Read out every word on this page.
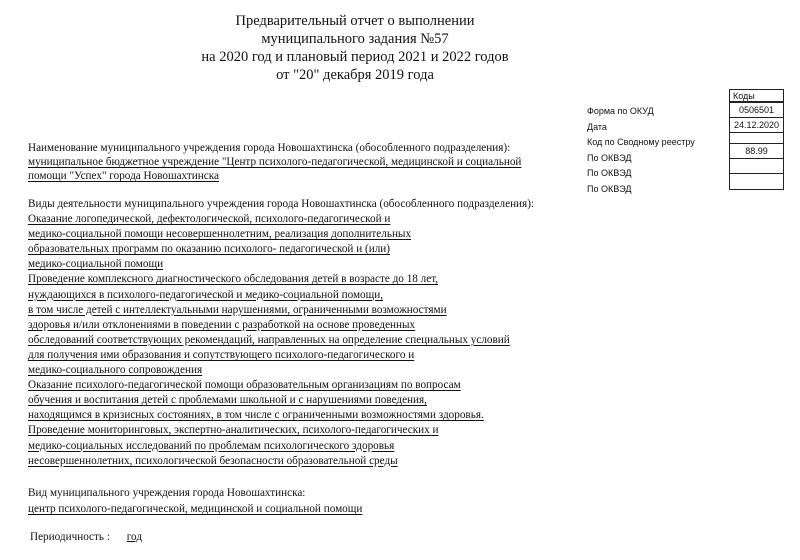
Предварительный отчет о выполнении
муниципального задания №57
на 2020 год и плановый период 2021 и 2022 годов
от "20" декабря 2019 года
Коды
Форма по ОКУД
Дата
Код по Сводному реестру
По ОКВЭД
По ОКВЭД
По ОКВЭД
0506501
24.12.2020
88.99
Наименование муниципального учреждения города Новошахтинска (обособленного подразделения):
муниципальное бюджетное учреждение "Центр психолого-педагогической, медицинской и социальной
помощи "Успех" города Новошахтинска
Виды деятельности муниципального учреждения города Новошахтинска (обособленного подразделения):
Оказание логопедической, дефектологической, психолого-педагогической и
медико-социальной помощи несовершеннолетним, реализация дополнительных
образовательных программ по оказанию психолого- педагогической и (или)
медико-социальной помощи
Проведение комплексного диагностического обследования детей в возрасте до 18 лет,
нуждающихся в психолого-педагогической и медико-социальной помощи,
в том числе детей с интеллектуальными нарушениями, ограниченными возможностями
здоровья и/или отклонениями в поведении с разработкой на основе проведенных
обследований соответствующих рекомендаций, направленных на определение специальных условий
для получения ими образования и сопутствующего психолого-педагогического и
медико-социального сопровождения
Оказание психолого-педагогической помощи образовательным организациям по вопросам
обучения и воспитания детей с проблемами школьной и с нарушениями поведения,
находящимся в кризисных состояниях, в том числе с ограниченными возможностями здоровья.
Проведение мониторинговых, экспертно-аналитических, психолого-педагогических и
медико-социальных исследований по проблемам психологического здоровья
несовершеннолетних, психологической безопасности образовательной среды
Вид муниципального учреждения города Новошахтинска:
центр психолого-педагогической, медицинской и социальной помощи
Периодичность : год
